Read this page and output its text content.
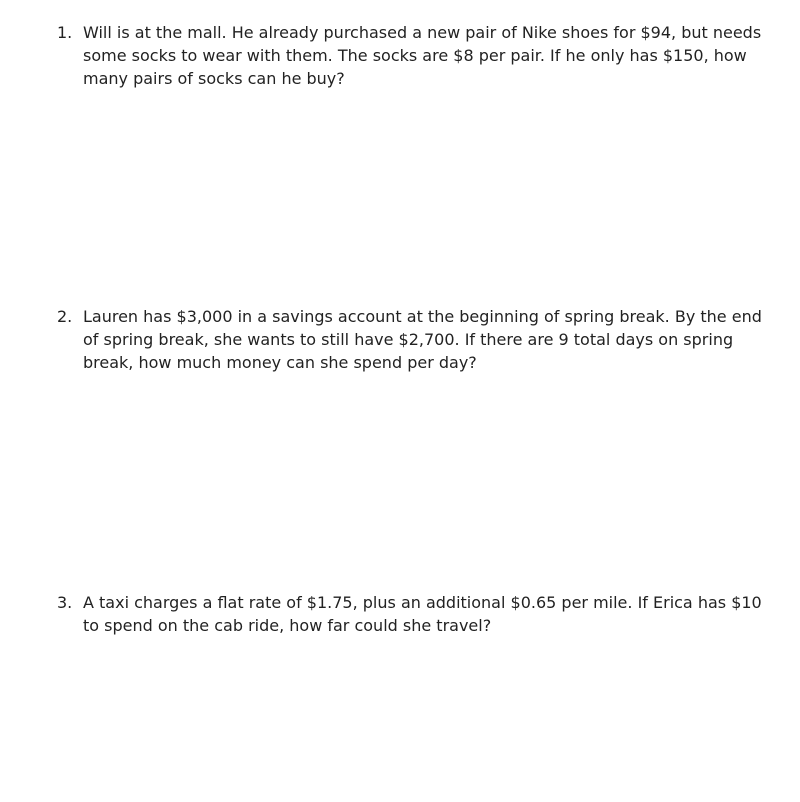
1. Will is at the mall. He already purchased a new pair of Nike shoes for $94, but needs some socks to wear with them. The socks are $8 per pair. If he only has $150, how many pairs of socks can he buy?
2. Lauren has $3,000 in a savings account at the beginning of spring break. By the end of spring break, she wants to still have $2,700. If there are 9 total days on spring break, how much money can she spend per day?
3. A taxi charges a flat rate of $1.75, plus an additional $0.65 per mile. If Erica has $10 to spend on the cab ride, how far could she travel?
